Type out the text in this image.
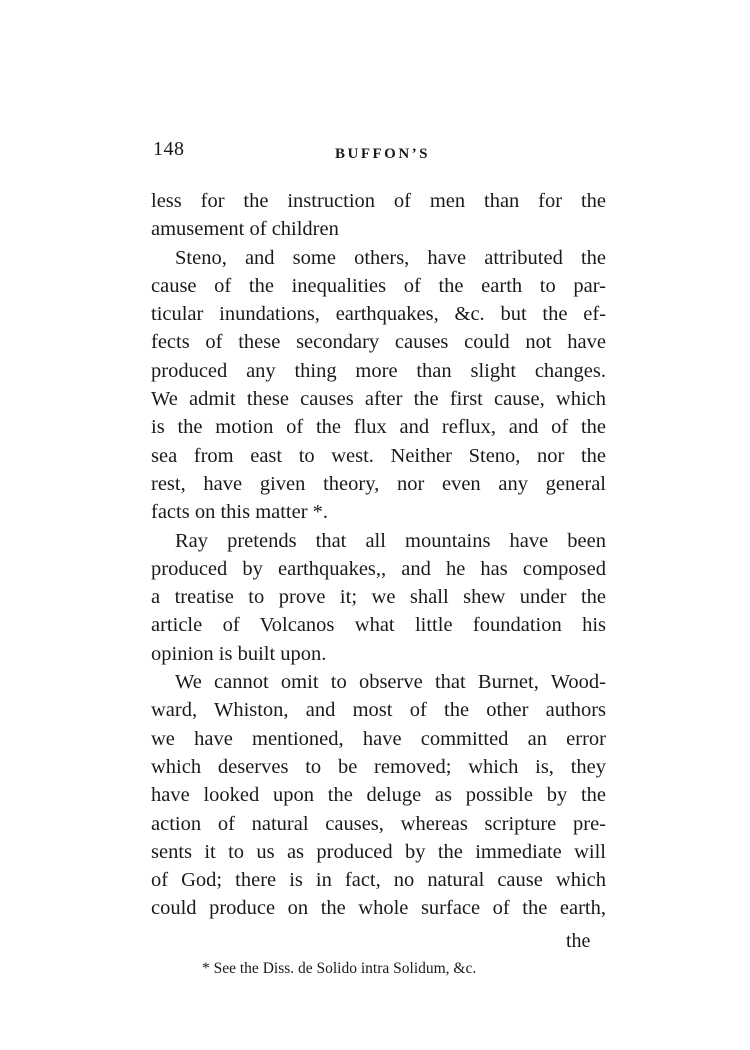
148	BUFFON’S
less for the instruction of men than for the
amusement of children
Steno, and some others, have attributed the
cause of the inequalities of the earth to par-
ticular inundations, earthquakes, &c. but the ef-
fects of these secondary causes could not have
produced any thing more than slight changes.
We admit these causes after the first cause, which
is the motion of the flux and reflux, and of the
sea from east to west. Neither Steno, nor the
rest, have given theory, nor even any general
facts on this matter *.
Ray pretends that all mountains have been
produced by earthquakes,, and he has composed
a treatise to prove it; we shall shew under the
article of Volcanos what little foundation his
opinion is built upon.
We cannot omit to observe that Burnet, Wood-
ward, Whiston, and most of the other authors
we have mentioned, have committed an error
which deserves to be removed; which is, they
have looked upon the deluge as possible by the
action of natural causes, whereas scripture pre-
sents it to us as produced by the immediate will
of God; there is in fact, no natural cause which
could produce on the whole surface of the earth,
the
* See the Diss. de Solido intra Solidum, &c.
